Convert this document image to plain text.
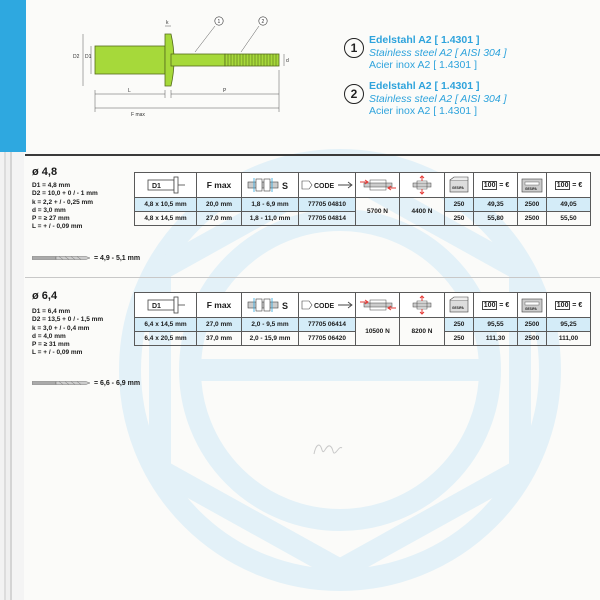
1	2
D2 D1
k
L	P
d
F max
1
Edelstahl A2 [ 1.4301 ]
Stainless steel A2 [ AISI 304 ]
Acier inox A2 [ 1.4301 ]
2
Edelstahl A2 [ 1.4301 ]
Stainless steel A2 [ AISI 304 ]
Acier inox A2 [ 1.4301 ]
ø 4,8
D1 = 4,8 mm
D2 = 10,0 + 0 / - 1 mm
k = 2,2 + / - 0,25 mm
d = 3,0 mm
P = ≥ 27 mm
L = + / - 0,09 mm
= 4,9 - 5,1 mm
D1	F max	S	CODE			GESIPA	100 = €	GESIPA	100 = €
4,8 x 10,5 mm	20,0 mm	1,8 - 6,9 mm	77705 04810	5700 N	4400 N	250	49,35	2500	49,05
4,8 x 14,5 mm	27,0 mm	1,8 - 11,0 mm	77705 04814			250	55,80	2500	55,50
ø 6,4
D1 = 6,4 mm
D2 = 13,5 + 0 / - 1,5 mm
k = 3,0 + / - 0,4 mm
d = 4,0 mm
P = ≥ 31 mm
L = + / - 0,09 mm
= 6,6 - 6,9 mm
D1	F max	S	CODE			GESIPA	100 = €	GESIPA	100 = €
6,4 x 14,5 mm	27,0 mm	2,0 - 9,5 mm	77705 06414	10500 N	8200 N	250	95,55	2500	95,25
6,4 x 20,5 mm	37,0 mm	2,0 - 15,9 mm	77705 06420			250	111,30	2500	111,00
